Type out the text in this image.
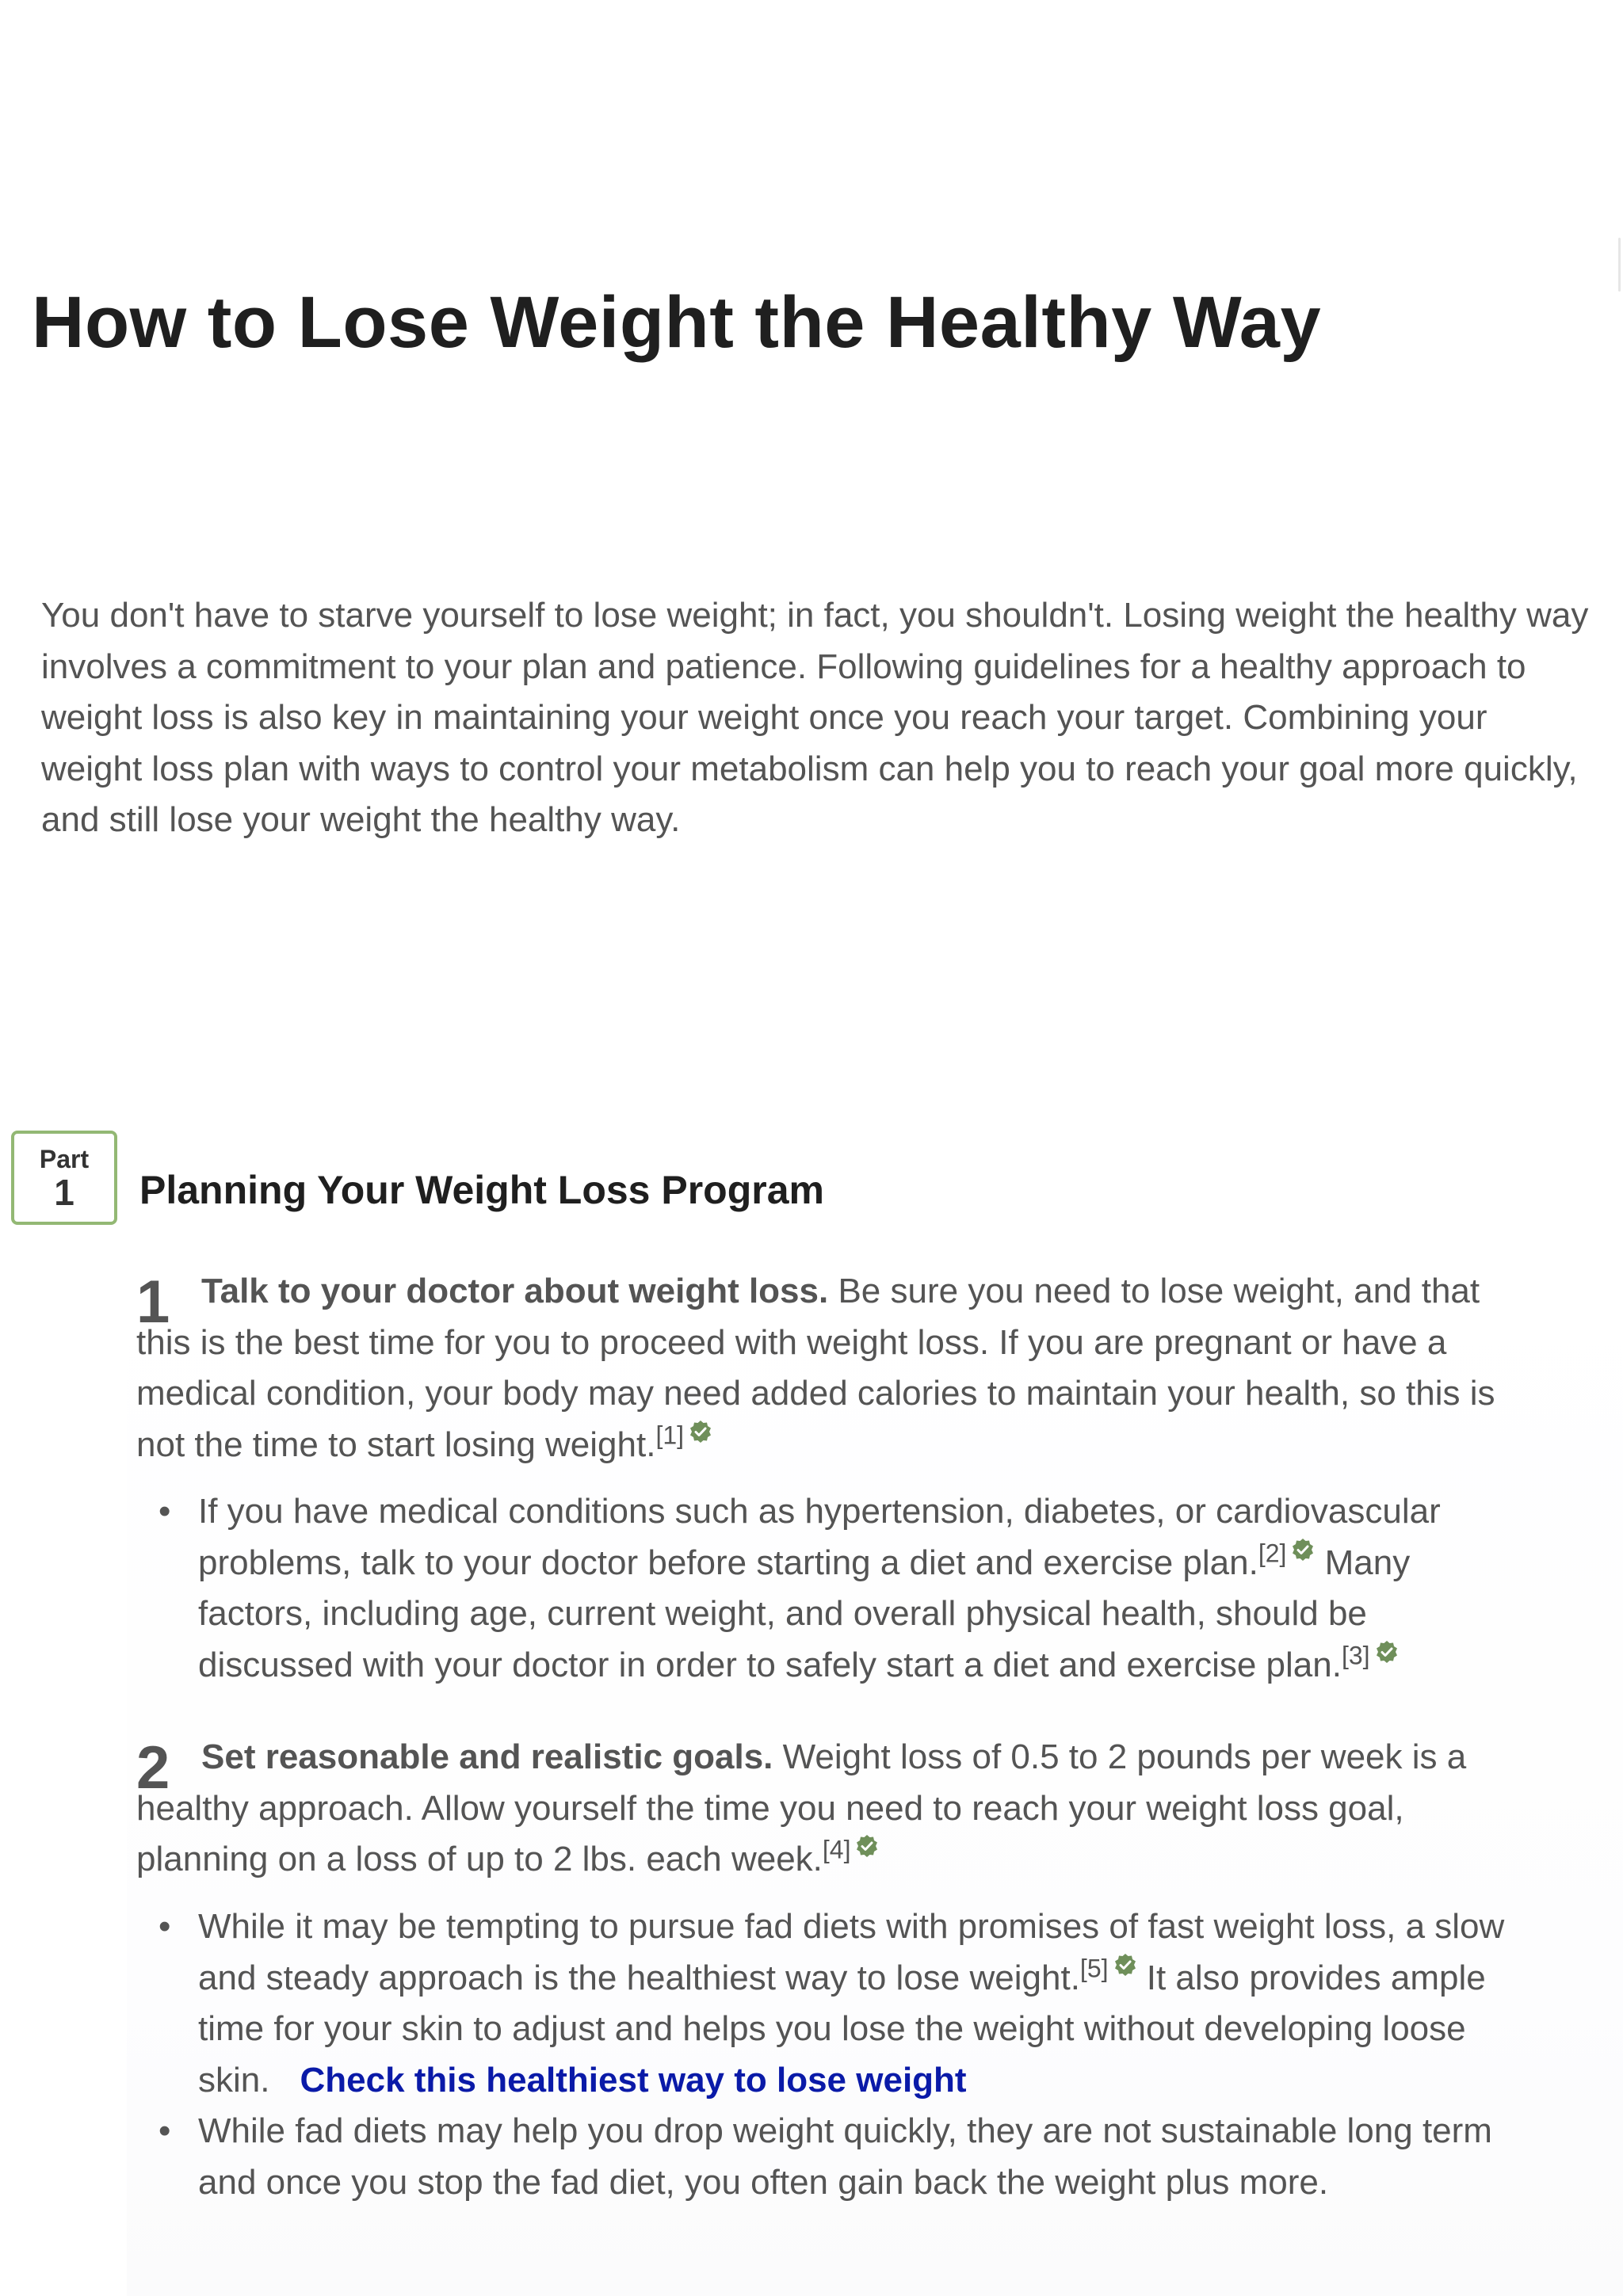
How to Lose Weight the Healthy Way

You don't have to starve yourself to lose weight; in fact, you shouldn't. Losing weight the healthy way involves a commitment to your plan and patience. Following guidelines for a healthy approach to weight loss is also key in maintaining your weight once you reach your target. Combining your weight loss plan with ways to control your metabolism can help you to reach your goal more quickly, and still lose your weight the healthy way.

Part
1	Planning Your Weight Loss Program
1 Talk to your doctor about weight loss. Be sure you need to lose weight, and that this is the best time for you to proceed with weight loss. If you are pregnant or have a medical condition, your body may need added calories to maintain your health, so this is not the time to start losing weight.[1]

• If you have medical conditions such as hypertension, diabetes, or cardiovascular problems, talk to your doctor before starting a diet and exercise plan.[2] Many factors, including age, current weight, and overall physical health, should be discussed with your doctor in order to safely start a diet and exercise plan.[3]
2 Set reasonable and realistic goals. Weight loss of 0.5 to 2 pounds per week is a healthy approach. Allow yourself the time you need to reach your weight loss goal, planning on a loss of up to 2 lbs. each week.[4]

• While it may be tempting to pursue fad diets with promises of fast weight loss, a slow and steady approach is the healthiest way to lose weight.[5] It also provides ample time for your skin to adjust and helps you lose the weight without developing loose skin. Check this healthiest way to lose weight
• While fad diets may help you drop weight quickly, they are not sustainable long term and once you stop the fad diet, you often gain back the weight plus more.
